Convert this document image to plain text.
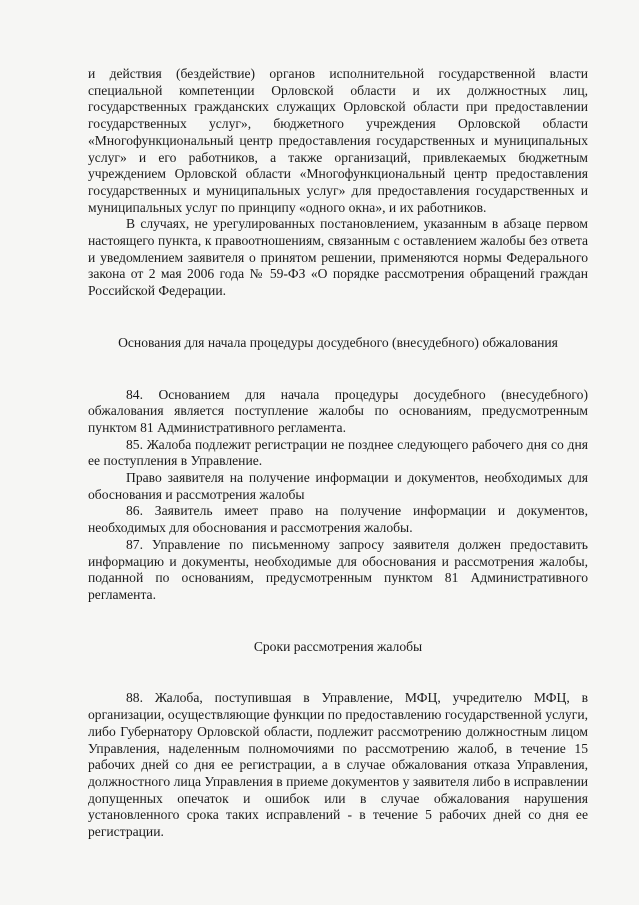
и действия (бездействие) органов исполнительной государственной власти специальной компетенции Орловской области и их должностных лиц, государственных гражданских служащих Орловской области при предоставлении государственных услуг», бюджетного учреждения Орловской области «Многофункциональный центр предоставления государственных и муниципальных услуг» и его работников, а также организаций, привлекаемых бюджетным учреждением Орловской области «Многофункциональный центр предоставления государственных и муниципальных услуг» для предоставления государственных и муниципальных услуг по принципу «одного окна», и их работников.

В случаях, не урегулированных постановлением, указанным в абзаце первом настоящего пункта, к правоотношениям, связанным с оставлением жалобы без ответа и уведомлением заявителя о принятом решении, применяются нормы Федерального закона от 2 мая 2006 года № 59-ФЗ «О порядке рассмотрения обращений граждан Российской Федерации.

Основания для начала процедуры досудебного (внесудебного) обжалования

84. Основанием для начала процедуры досудебного (внесудебного) обжалования является поступление жалобы по основаниям, предусмотренным пунктом 81 Административного регламента.

85. Жалоба подлежит регистрации не позднее следующего рабочего дня со дня ее поступления в Управление.

Право заявителя на получение информации и документов, необходимых для обоснования и рассмотрения жалобы

86. Заявитель имеет право на получение информации и документов, необходимых для обоснования и рассмотрения жалобы.

87. Управление по письменному запросу заявителя должен предоставить информацию и документы, необходимые для обоснования и рассмотрения жалобы, поданной по основаниям, предусмотренным пунктом 81 Административного регламента.

Сроки рассмотрения жалобы

88. Жалоба, поступившая в Управление, МФЦ, учредителю МФЦ, в организации, осуществляющие функции по предоставлению государственной услуги, либо Губернатору Орловской области, подлежит рассмотрению должностным лицом Управления, наделенным полномочиями по рассмотрению жалоб, в течение 15 рабочих дней со дня ее регистрации, а в случае обжалования отказа Управления, должностного лица Управления в приеме документов у заявителя либо в исправлении допущенных опечаток и ошибок или в случае обжалования нарушения установленного срока таких исправлений - в течение 5 рабочих дней со дня ее регистрации.
